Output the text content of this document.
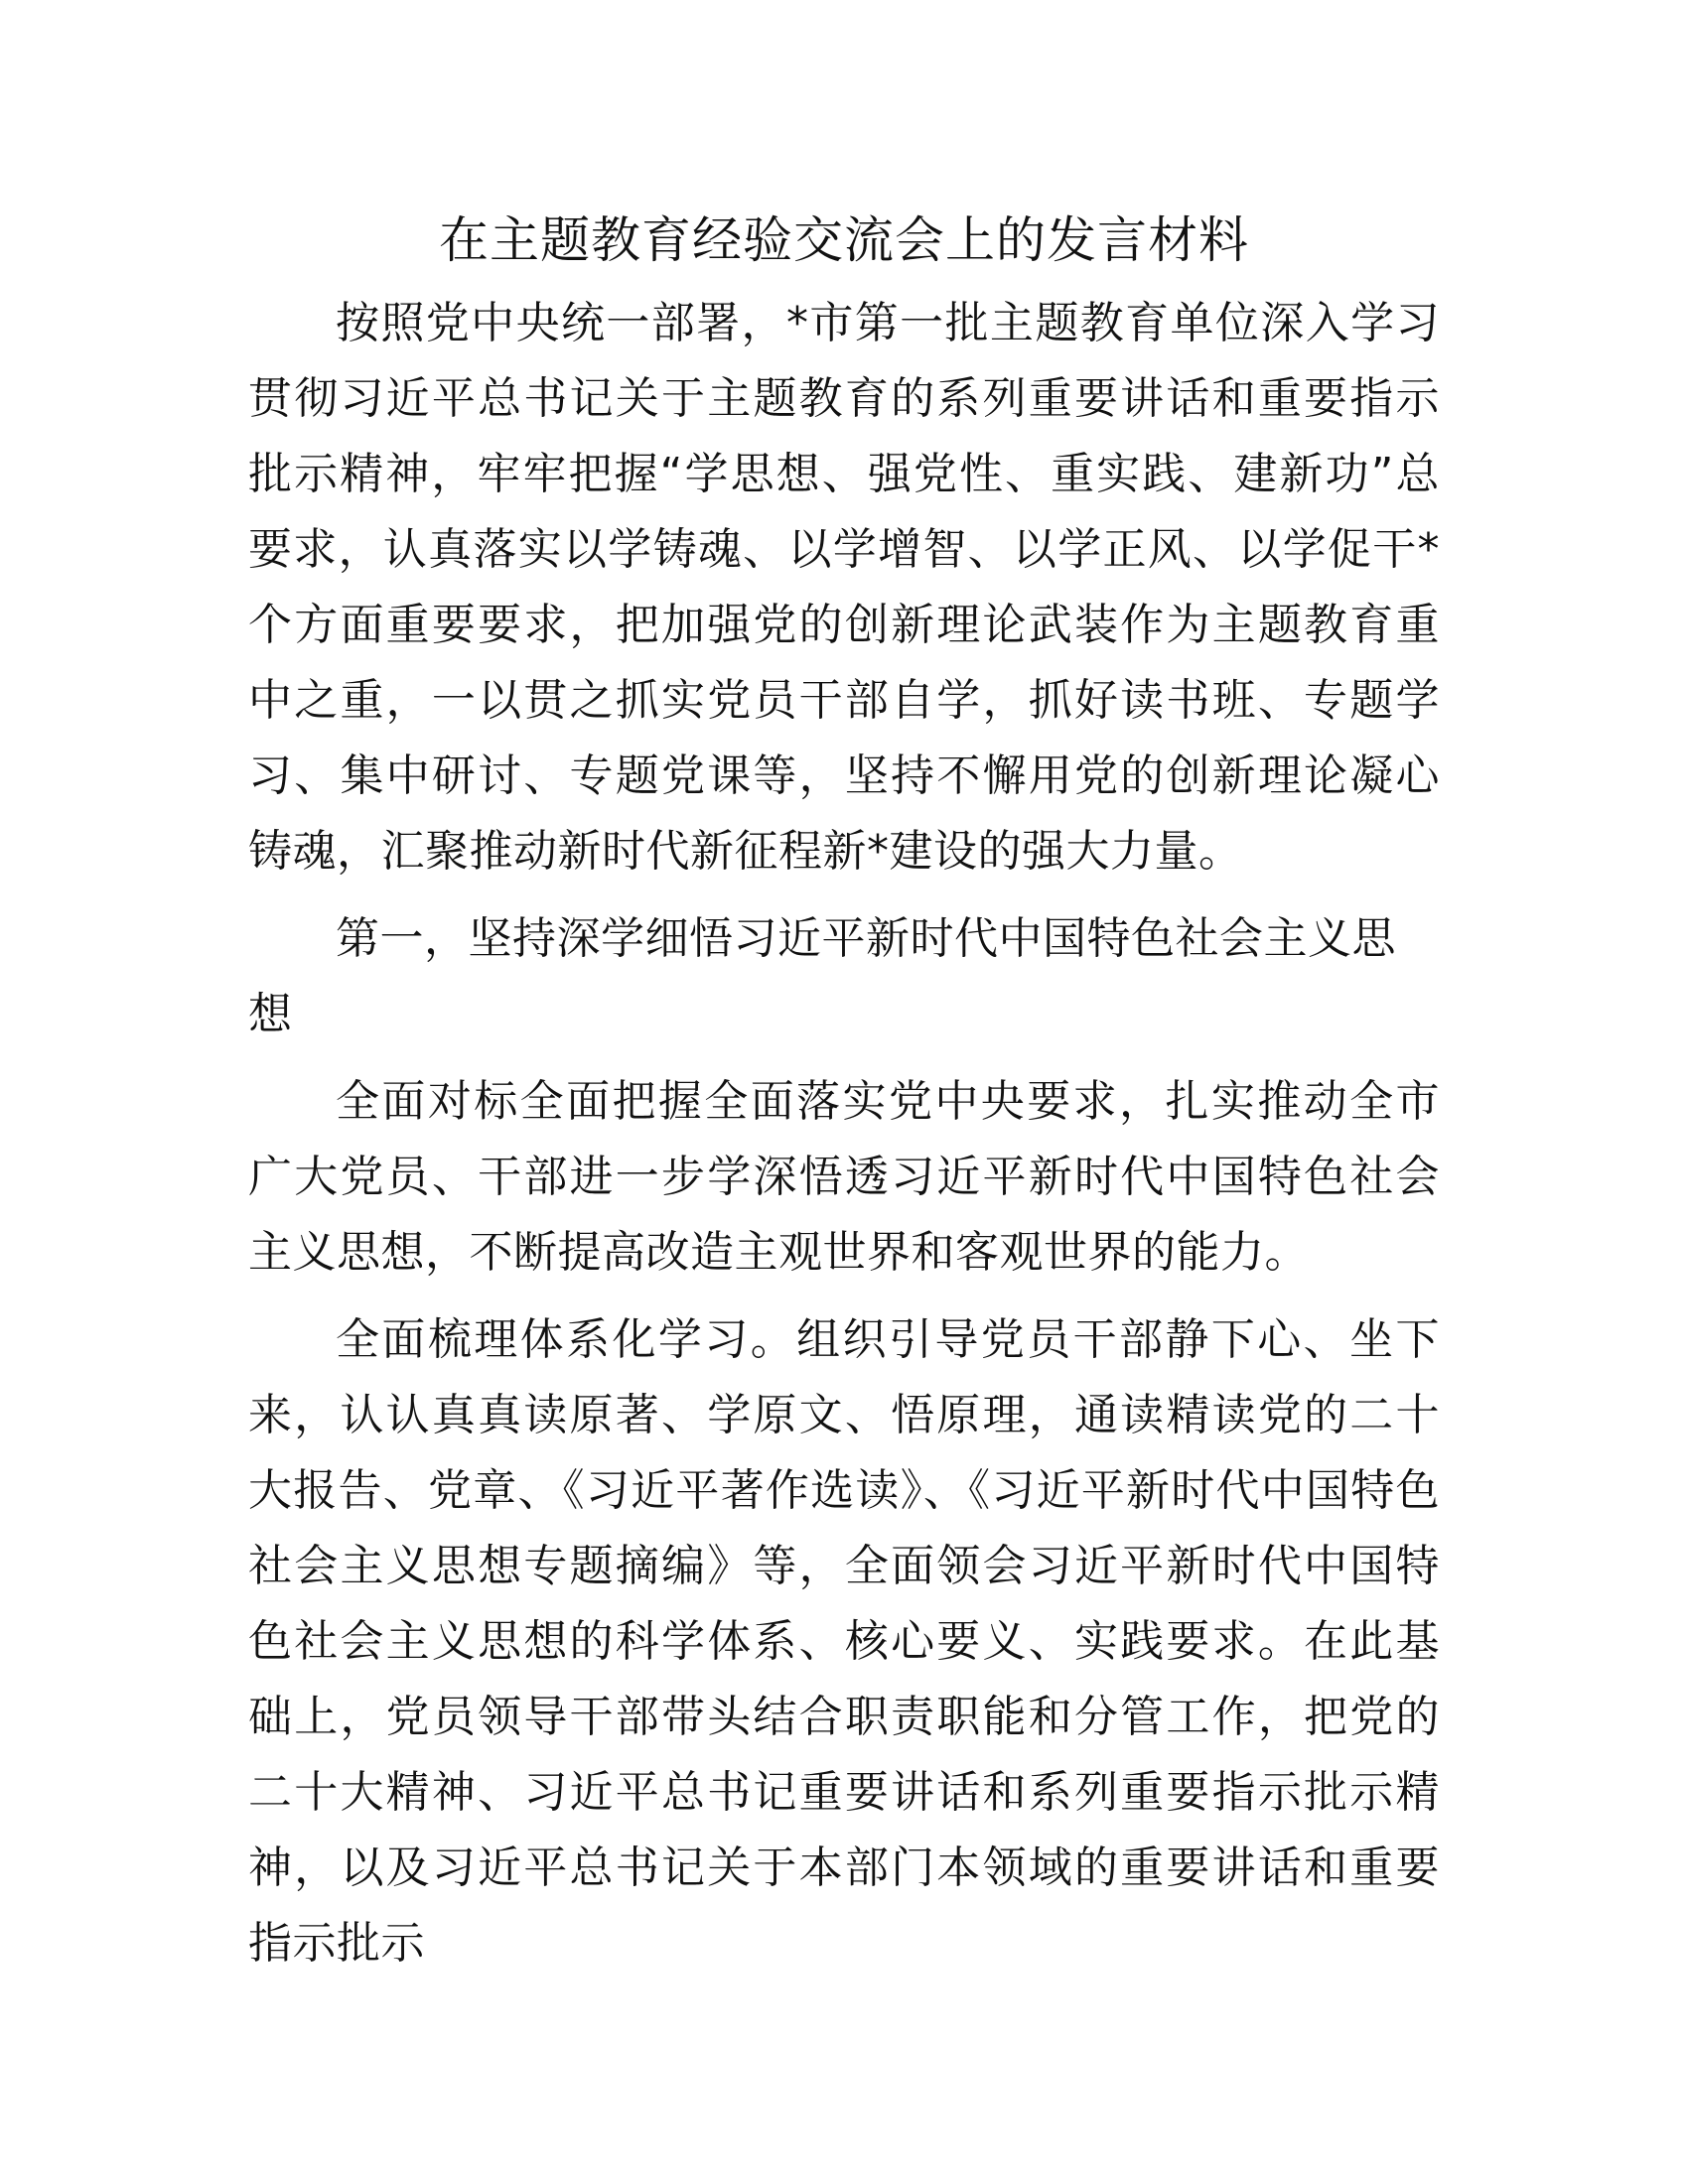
在主题教育经验交流会上的发言材料

按照党中央统一部署，*市第一批主题教育单位深入学习贯彻习近平总书记关于主题教育的系列重要讲话和重要指示批示精神，牢牢把握“学思想、强党性、重实践、建新功”总要求，认真落实以学铸魂、以学增智、以学正风、以学促干*个方面重要要求，把加强党的创新理论武装作为主题教育重中之重，一以贯之抓实党员干部自学，抓好读书班、专题学习、集中研讨、专题党课等，坚持不懈用党的创新理论凝心铸魂，汇聚推动新时代新征程新*建设的强大力量。

第一，坚持深学细悟习近平新时代中国特色社会主义思想

全面对标全面把握全面落实党中央要求，扎实推动全市广大党员、干部进一步学深悟透习近平新时代中国特色社会主义思想，不断提高改造主观世界和客观世界的能力。

全面梳理体系化学习。组织引导党员干部静下心、坐下来，认认真真读原著、学原文、悟原理，通读精读党的二十大报告、党章、《习近平著作选读》、《习近平新时代中国特色社会主义思想专题摘编》等，全面领会习近平新时代中国特色社会主义思想的科学体系、核心要义、实践要求。在此基础上，党员领导干部带头结合职责职能和分管工作，把党的二十大精神、习近平总书记重要讲话和系列重要指示批示精神，以及习近平总书记关于本部门本领域的重要讲话和重要指示批示
